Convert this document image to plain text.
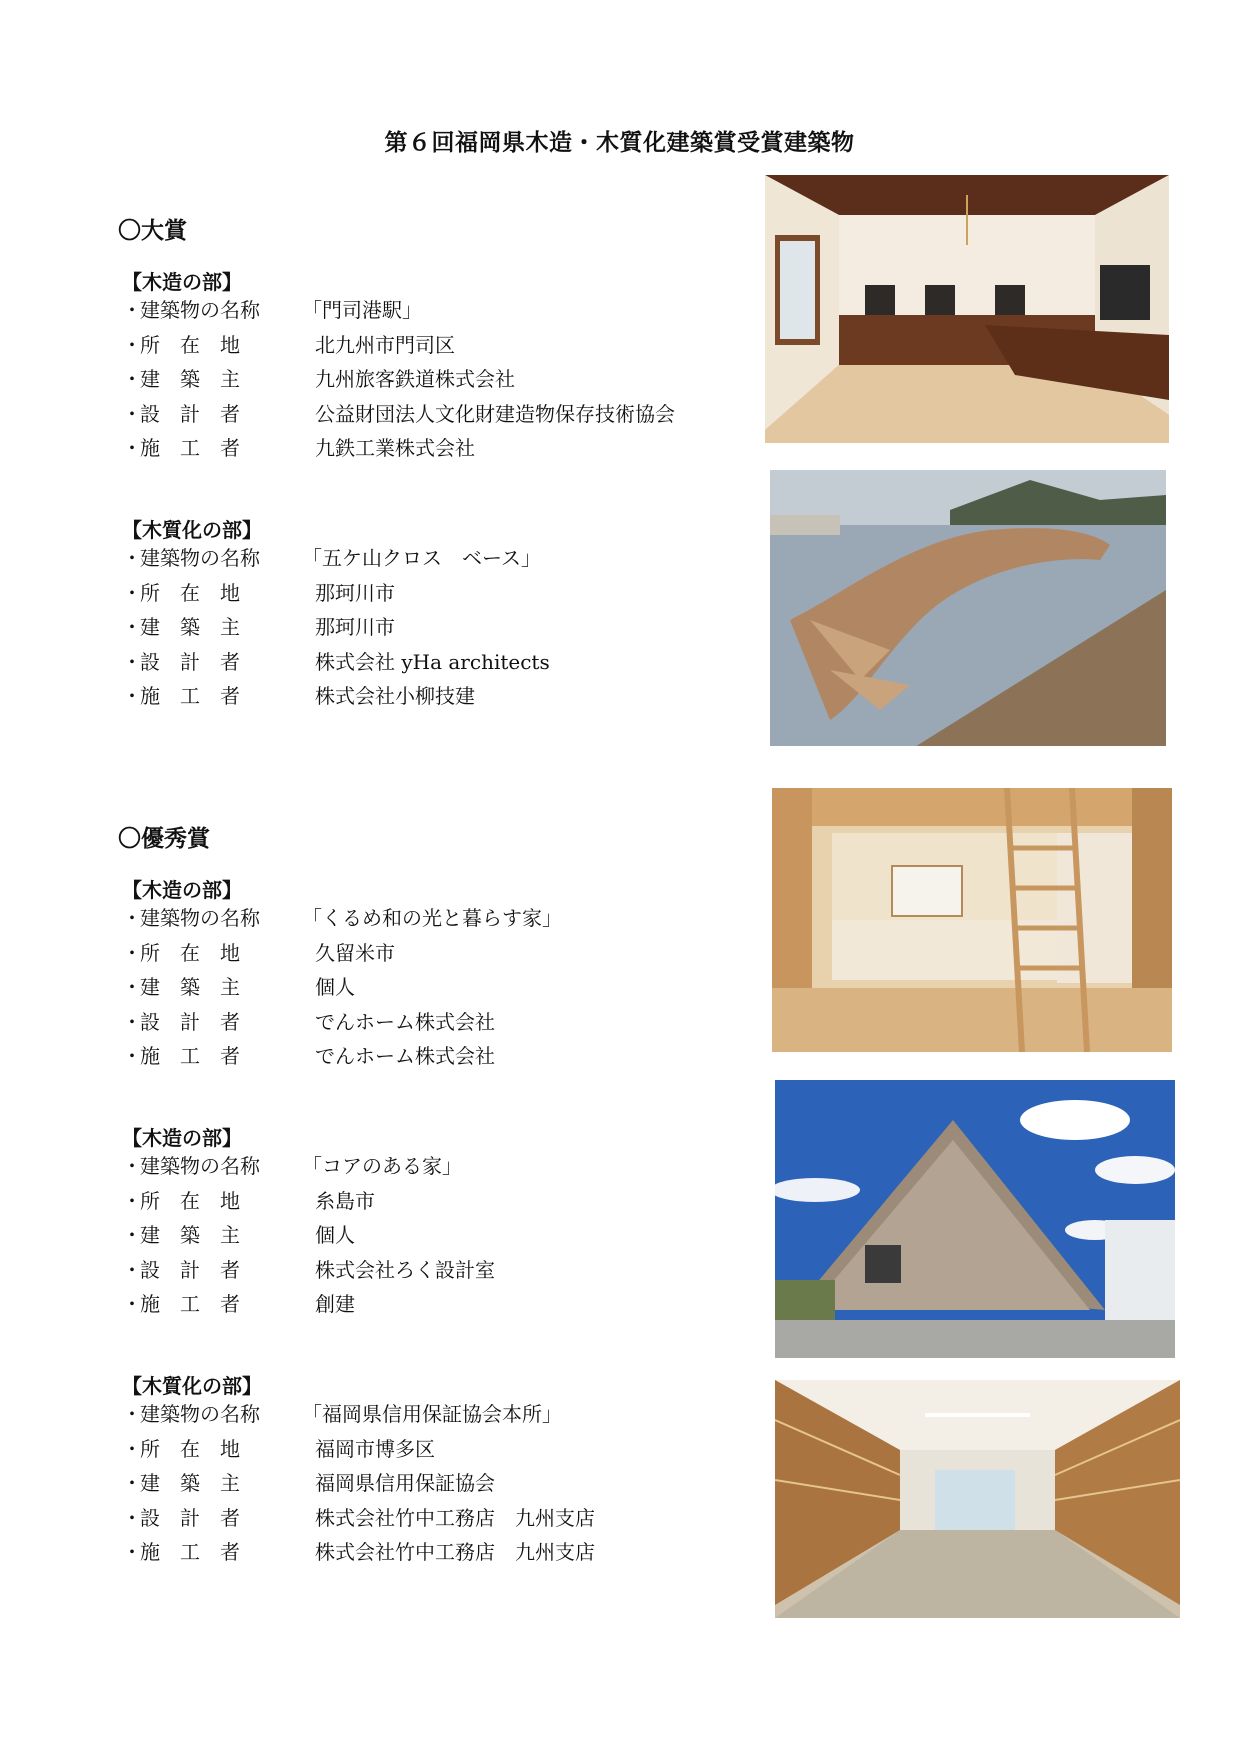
第６回福岡県木造・木質化建築賞受賞建築物
〇大賞
【木造の部】
・
建築物の名称	「門司港駅」
・
所　在　地	北九州市門司区
・
建　築　主	九州旅客鉄道株式会社
・
設　計　者	公益財団法人文化財建造物保存技術協会
・
施　工　者	九鉄工業株式会社
【木質化の部】
・
建築物の名称	「五ケ山クロス　ベース」
・
所　在　地	那珂川市
・
建　築　主	那珂川市
・
設　計　者	株式会社 yHa architects
・
施　工　者	株式会社小柳技建
〇優秀賞
【木造の部】
・
建築物の名称	「くるめ和の光と暮らす家」
・
所　在　地	久留米市
・
建　築　主	個人
・
設　計　者	でんホーム株式会社
・
施　工　者	でんホーム株式会社
【木造の部】
・
建築物の名称	「コアのある家」
・
所　在　地	糸島市
・
建　築　主	個人
・
設　計　者	株式会社ろく設計室
・
施　工　者	創建
【木質化の部】
・
建築物の名称	「福岡県信用保証協会本所」
・
所　在　地	福岡市博多区
・
建　築　主	福岡県信用保証協会
・
設　計　者	株式会社竹中工務店　九州支店
・
施　工　者	株式会社竹中工務店　九州支店
